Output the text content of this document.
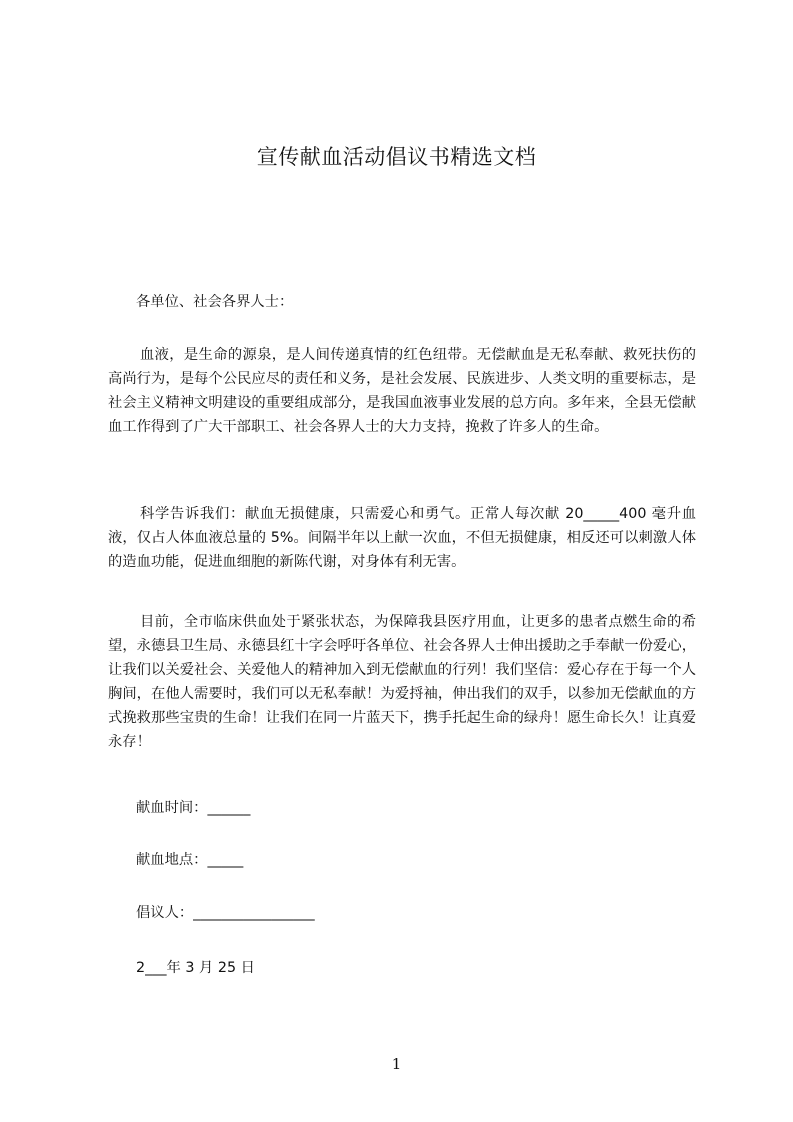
宣传献血活动倡议书精选文档
各单位、社会各界人士：

血液，是生命的源泉，是人间传递真情的红色纽带。无偿献血是无私奉献、救死扶伤的高尚行为，是每个公民应尽的责任和义务，是社会发展、民族进步、人类文明的重要标志，是社会主义精神文明建设的重要组成部分，是我国血液事业发展的总方向。多年来，全县无偿献血工作得到了广大干部职工、社会各界人士的大力支持，挽救了许多人的生命。

科学告诉我们：献血无损健康，只需爱心和勇气。正常人每次献 20_____400 毫升血液，仅占人体血液总量的 5%。间隔半年以上献一次血，不但无损健康，相反还可以刺激人体的造血功能，促进血细胞的新陈代谢，对身体有利无害。

目前，全市临床供血处于紧张状态，为保障我县医疗用血，让更多的患者点燃生命的希望，永德县卫生局、永德县红十字会呼吁各单位、社会各界人士伸出援助之手奉献一份爱心，让我们以关爱社会、关爱他人的精神加入到无偿献血的行列！我们坚信：爱心存在于每一个人胸间，在他人需要时，我们可以无私奉献！为爱捋袖，伸出我们的双手，以参加无偿献血的方式挽救那些宝贵的生命！让我们在同一片蓝天下，携手托起生命的绿舟！愿生命长久！让真爱永存！

献血时间：______
献血地点：_____
倡议人：_________________
2___年 3 月 25 日
1
